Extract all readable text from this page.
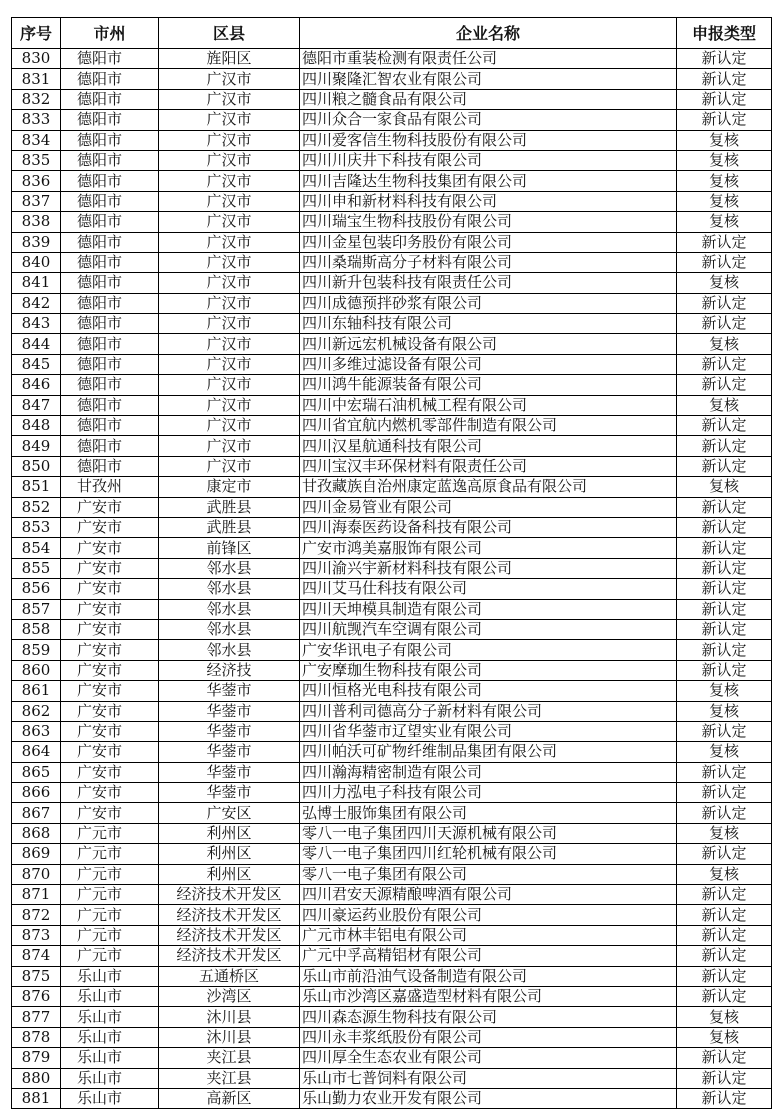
序号	市州	区县	企业名称	申报类型
830	德阳市	旌阳区	德阳市重装检测有限责任公司	新认定
831	德阳市	广汉市	四川聚隆汇智农业有限公司	新认定
832	德阳市	广汉市	四川粮之髓食品有限公司	新认定
833	德阳市	广汉市	四川众合一家食品有限公司	新认定
834	德阳市	广汉市	四川爱客信生物科技股份有限公司	复核
835	德阳市	广汉市	四川川庆井下科技有限公司	复核
836	德阳市	广汉市	四川吉隆达生物科技集团有限公司	复核
837	德阳市	广汉市	四川申和新材料科技有限公司	复核
838	德阳市	广汉市	四川瑞宝生物科技股份有限公司	复核
839	德阳市	广汉市	四川金星包装印务股份有限公司	新认定
840	德阳市	广汉市	四川桑瑞斯高分子材料有限公司	新认定
841	德阳市	广汉市	四川新升包装科技有限责任公司	复核
842	德阳市	广汉市	四川成德预拌砂浆有限公司	新认定
843	德阳市	广汉市	四川东轴科技有限公司	新认定
844	德阳市	广汉市	四川新远宏机械设备有限公司	复核
845	德阳市	广汉市	四川多维过滤设备有限公司	新认定
846	德阳市	广汉市	四川鸿牛能源装备有限公司	新认定
847	德阳市	广汉市	四川中宏瑞石油机械工程有限公司	复核
848	德阳市	广汉市	四川省宜航内燃机零部件制造有限公司	新认定
849	德阳市	广汉市	四川汉星航通科技有限公司	新认定
850	德阳市	广汉市	四川宝汉丰环保材料有限责任公司	新认定
851	甘孜州	康定市	甘孜藏族自治州康定蓝逸高原食品有限公司	复核
852	广安市	武胜县	四川金易管业有限公司	新认定
853	广安市	武胜县	四川海泰医药设备科技有限公司	新认定
854	广安市	前锋区	广安市鸿美嘉服饰有限公司	新认定
855	广安市	邻水县	四川渝兴宇新材料科技有限公司	新认定
856	广安市	邻水县	四川艾马仕科技有限公司	新认定
857	广安市	邻水县	四川天坤模具制造有限公司	新认定
858	广安市	邻水县	四川航觊汽车空调有限公司	新认定
859	广安市	邻水县	广安华讯电子有限公司	新认定
860	广安市	经济技	广安摩珈生物科技有限公司	新认定
861	广安市	华蓥市	四川恒格光电科技有限公司	复核
862	广安市	华蓥市	四川普利司德高分子新材料有限公司	复核
863	广安市	华蓥市	四川省华蓥市辽望实业有限公司	新认定
864	广安市	华蓥市	四川帕沃可矿物纤维制品集团有限公司	复核
865	广安市	华蓥市	四川瀚海精密制造有限公司	新认定
866	广安市	华蓥市	四川力泓电子科技有限公司	新认定
867	广安市	广安区	弘博士服饰集团有限公司	新认定
868	广元市	利州区	零八一电子集团四川天源机械有限公司	复核
869	广元市	利州区	零八一电子集团四川红轮机械有限公司	新认定
870	广元市	利州区	零八一电子集团有限公司	复核
871	广元市	经济技术开发区	四川君安天源精酿啤酒有限公司	新认定
872	广元市	经济技术开发区	四川豪运药业股份有限公司	新认定
873	广元市	经济技术开发区	广元市林丰铝电有限公司	新认定
874	广元市	经济技术开发区	广元中孚高精铝材有限公司	新认定
875	乐山市	五通桥区	乐山市前沿油气设备制造有限公司	新认定
876	乐山市	沙湾区	乐山市沙湾区嘉盛造型材料有限公司	新认定
877	乐山市	沐川县	四川森态源生物科技有限公司	复核
878	乐山市	沐川县	四川永丰浆纸股份有限公司	复核
879	乐山市	夹江县	四川厚全生态农业有限公司	新认定
880	乐山市	夹江县	乐山市七普饲料有限公司	新认定
881	乐山市	高新区	乐山勤力农业开发有限公司	新认定
